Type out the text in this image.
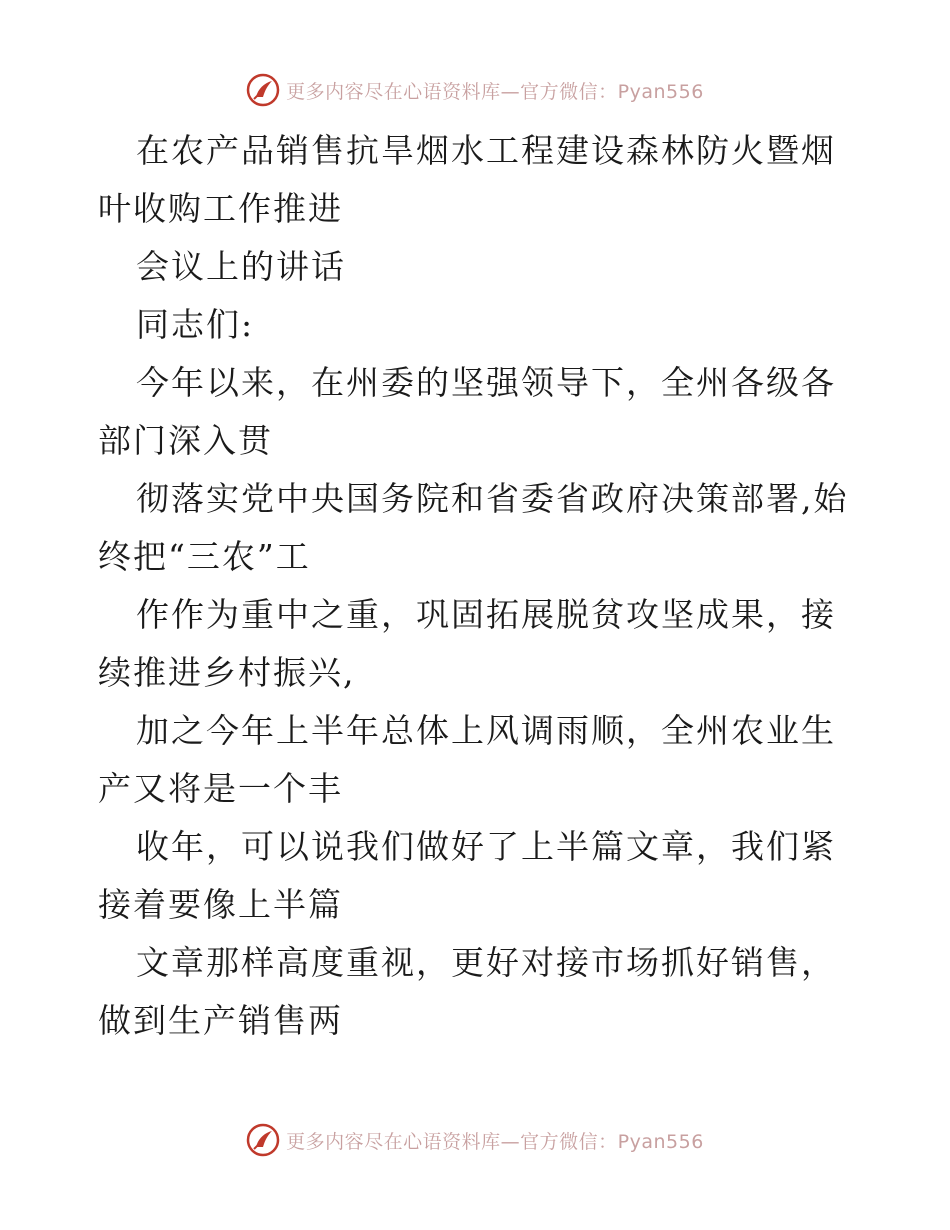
更多内容尽在心语资料库—官方微信：Pyan556

在农产品销售抗旱烟水工程建设森林防火暨烟叶收购工作推进

会议上的讲话

同志们:

今年以来，在州委的坚强领导下，全州各级各部门深入贯

彻落实党中央国务院和省委省政府决策部署,始终把“三农”工

作作为重中之重，巩固拓展脱贫攻坚成果，接续推进乡村振兴,

加之今年上半年总体上风调雨顺，全州农业生产又将是一个丰

收年，可以说我们做好了上半篇文章，我们紧接着要像上半篇

文章那样高度重视，更好对接市场抓好销售，做到生产销售两

更多内容尽在心语资料库—官方微信：Pyan556
